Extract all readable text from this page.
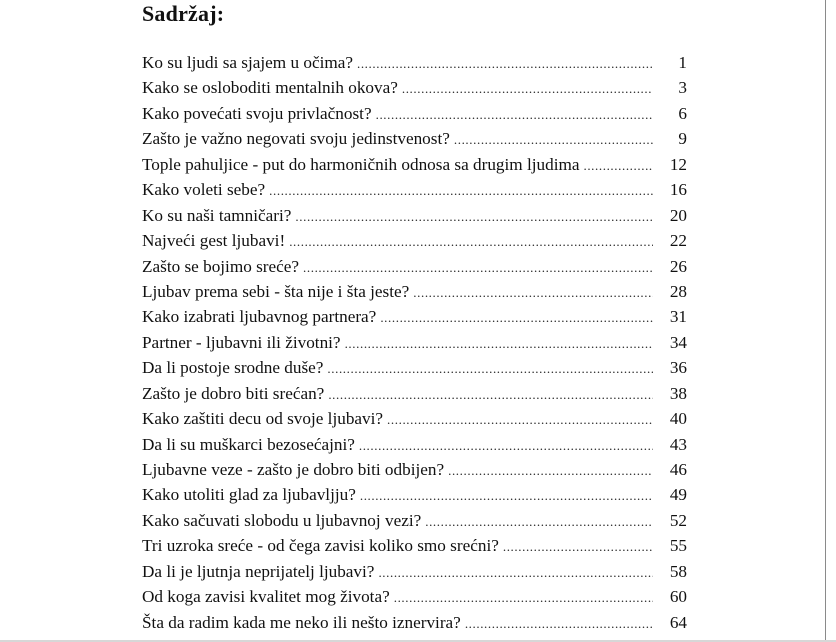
Sadržaj:
Ko su ljudi sa sjajem u očima? .....	1
Kako se osloboditi mentalnih okova? .....	3
Kako povećati svoju privlačnost? .....	6
Zašto je važno negovati svoju jedinstvenost? .....	9
Tople pahuljice - put do harmoničnih odnosa sa drugim ljudima .....	12
Kako voleti sebe? .....	16
Ko su naši tamničari? .....	20
Najveći gest ljubavi! .....	22
Zašto se bojimo sreće? .....	26
Ljubav prema sebi - šta nije i šta jeste? .....	28
Kako izabrati ljubavnog partnera? .....	31
Partner - ljubavni ili životni? .....	34
Da li postoje srodne duše? .....	36
Zašto je dobro biti srećan? .....	38
Kako zaštiti decu od svoje ljubavi? .....	40
Da li su muškarci bezosećajni? .....	43
Ljubavne veze - zašto je dobro biti odbijen? .....	46
Kako utoliti glad za ljubavljju? .....	49
Kako sačuvati slobodu u ljubavnoj vezi? .....	52
Tri uzroka sreće - od čega zavisi koliko smo srećni? .....	55
Da li je ljutnja neprijatelj ljubavi? .....	58
Od koga zavisi kvalitet mog života? .....	60
Šta da radim kada me neko ili nešto iznervira? .....	64
